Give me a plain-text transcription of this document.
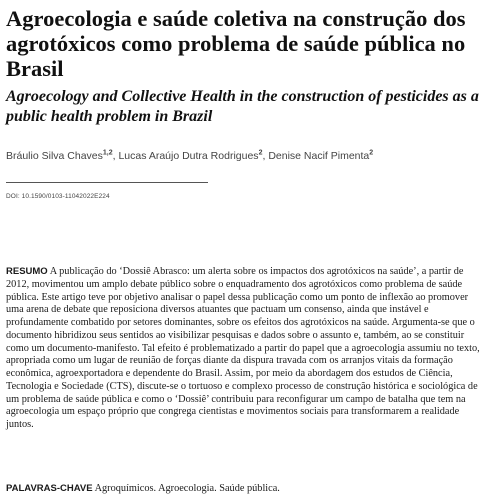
Agroecologia e saúde coletiva na construção dos agrotóxicos como problema de saúde pública no Brasil
Agroecology and Collective Health in the construction of pesticides as a public health problem in Brazil
Bráulio Silva Chaves$^{1,2}$, Lucas Araújo Dutra Rodrigues$^2$, Denise Nacif Pimenta$^2$
DOI: 10.1590/0103-11042022E224

RESUMO A publicação do ‘Dossiê Abrasco: um alerta sobre os impactos dos agrotóxicos na saúde’, a partir de 2012, movimentou um amplo debate público sobre o enquadramento dos agrotóxicos como problema de saúde pública. Este artigo teve por objetivo analisar o papel dessa publicação como um ponto de inflexão ao promover uma arena de debate que reposiciona diversos atuantes que pactuam um consenso, ainda que instável e profundamente combatido por setores dominantes, sobre os efeitos dos agrotóxicos na saúde. Argumenta-se que o documento hibridizou seus sentidos ao visibilizar pesquisas e dados sobre o assunto e, também, ao se constituir como um documento-manifesto. Tal efeito é problematizado a partir do papel que a agroecologia assumiu no texto, apropriada como um lugar de reunião de forças diante da dispura travada com os arranjos vitais da formação econômica, agroexportadora e dependente do Brasil. Assim, por meio da abordagem dos estudos de Ciência, Tecnologia e Sociedade (CTS), discute-se o tortuoso e complexo processo de construção histórica e sociológica de um problema de saúde pública e como o ‘Dossiê’ contribuiu para reconfigurar um campo de batalha que tem na agroecologia um espaço próprio que congrega cientistas e movimentos sociais para transformarem a realidade juntos.

PALAVRAS-CHAVE Agroquímicos. Agroecologia. Saúde pública.
